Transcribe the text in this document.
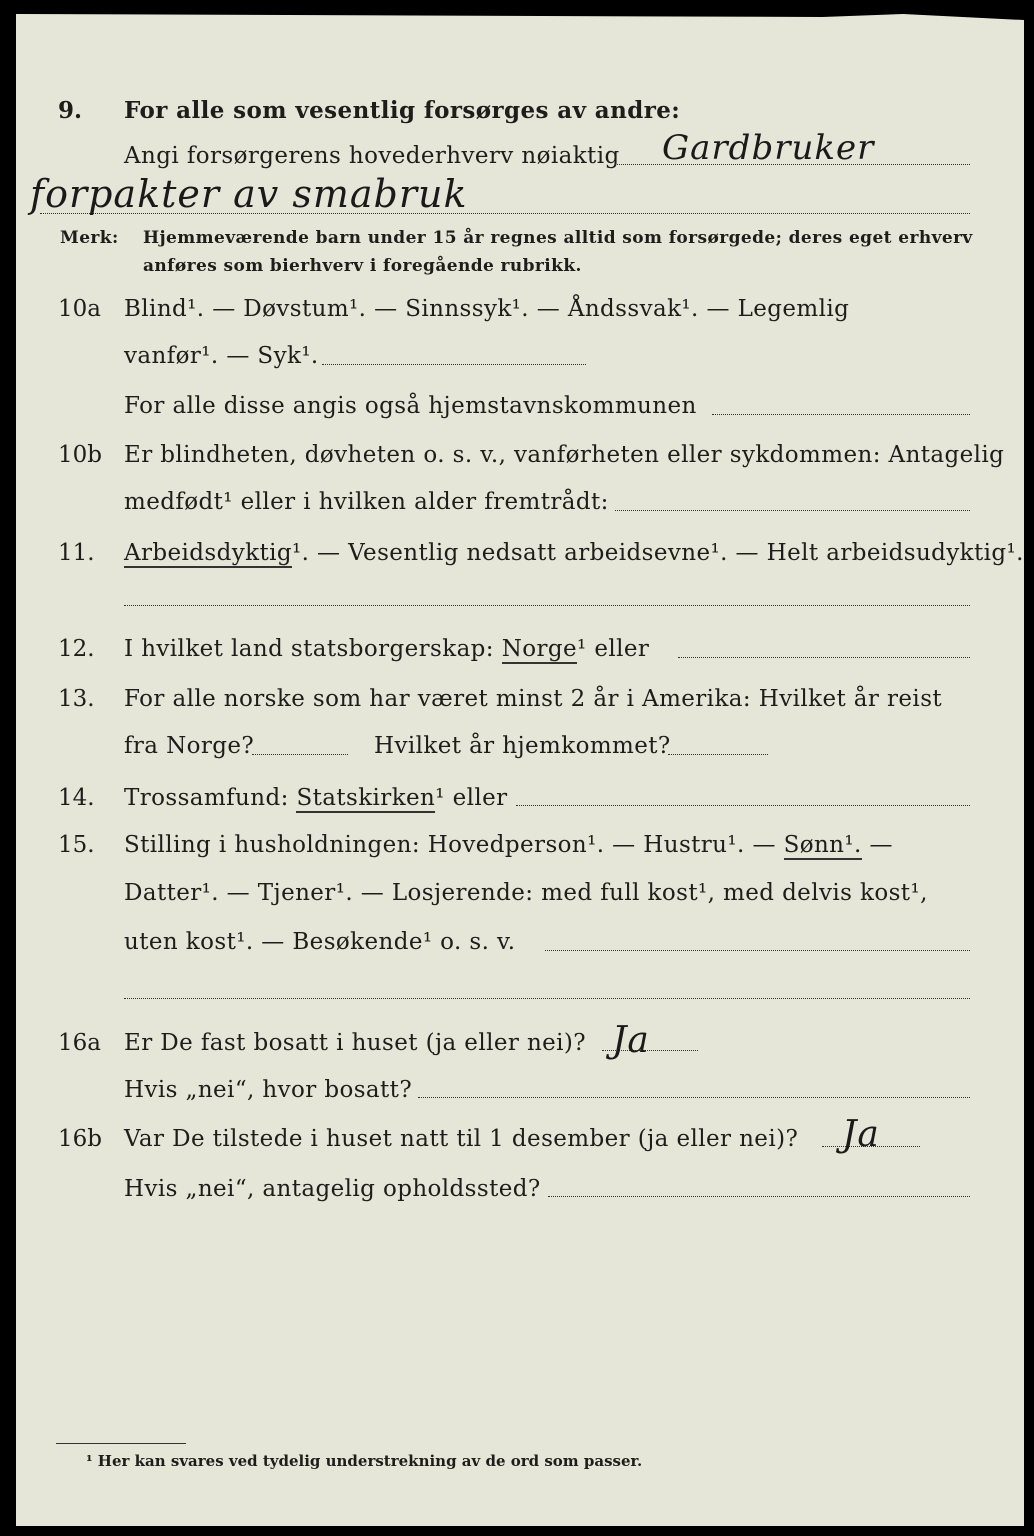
9. For alle som vesentlig forsørges av andre:
Angi forsørgerens hovederhverv nøiaktig Gardbruker
forpakter av smabruk
Merk: Hjemmeværende barn under 15 år regnes alltid som forsørgede; deres eget erhverv
anføres som bierhverv i foregående rubrikk.
10a Blind¹. — Døvstum¹. — Sinnssyk¹. — Åndssvak¹. — Legemlig
vanfør¹. — Syk¹.
For alle disse angis også hjemstavnskommunen
10b Er blindheten, døvheten o. s. v., vanførheten eller sykdommen: Antagelig
medfødt¹ eller i hvilken alder fremtrådt:
11. Arbeidsdyktig¹. — Vesentlig nedsatt arbeidsevne¹. — Helt arbeidsudyktig¹.
12. I hvilket land statsborgerskap: Norge¹ eller
13. For alle norske som har været minst 2 år i Amerika: Hvilket år reist
fra Norge?	Hvilket år hjemkommet?
14. Trossamfund: Statskirken¹ eller
15. Stilling i husholdningen: Hovedperson¹. — Hustru¹. — Sønn¹. —
Datter¹. — Tjener¹. — Losjerende: med full kost¹, med delvis kost¹,
uten kost¹. — Besøkende¹ o. s. v.
16a Er De fast bosatt i huset (ja eller nei)? Ja
Hvis „nei“, hvor bosatt?
16b Var De tilstede i huset natt til 1 desember (ja eller nei)? Ja
Hvis „nei“, antagelig opholdssted?
¹ Her kan svares ved tydelig understrekning av de ord som passer.
